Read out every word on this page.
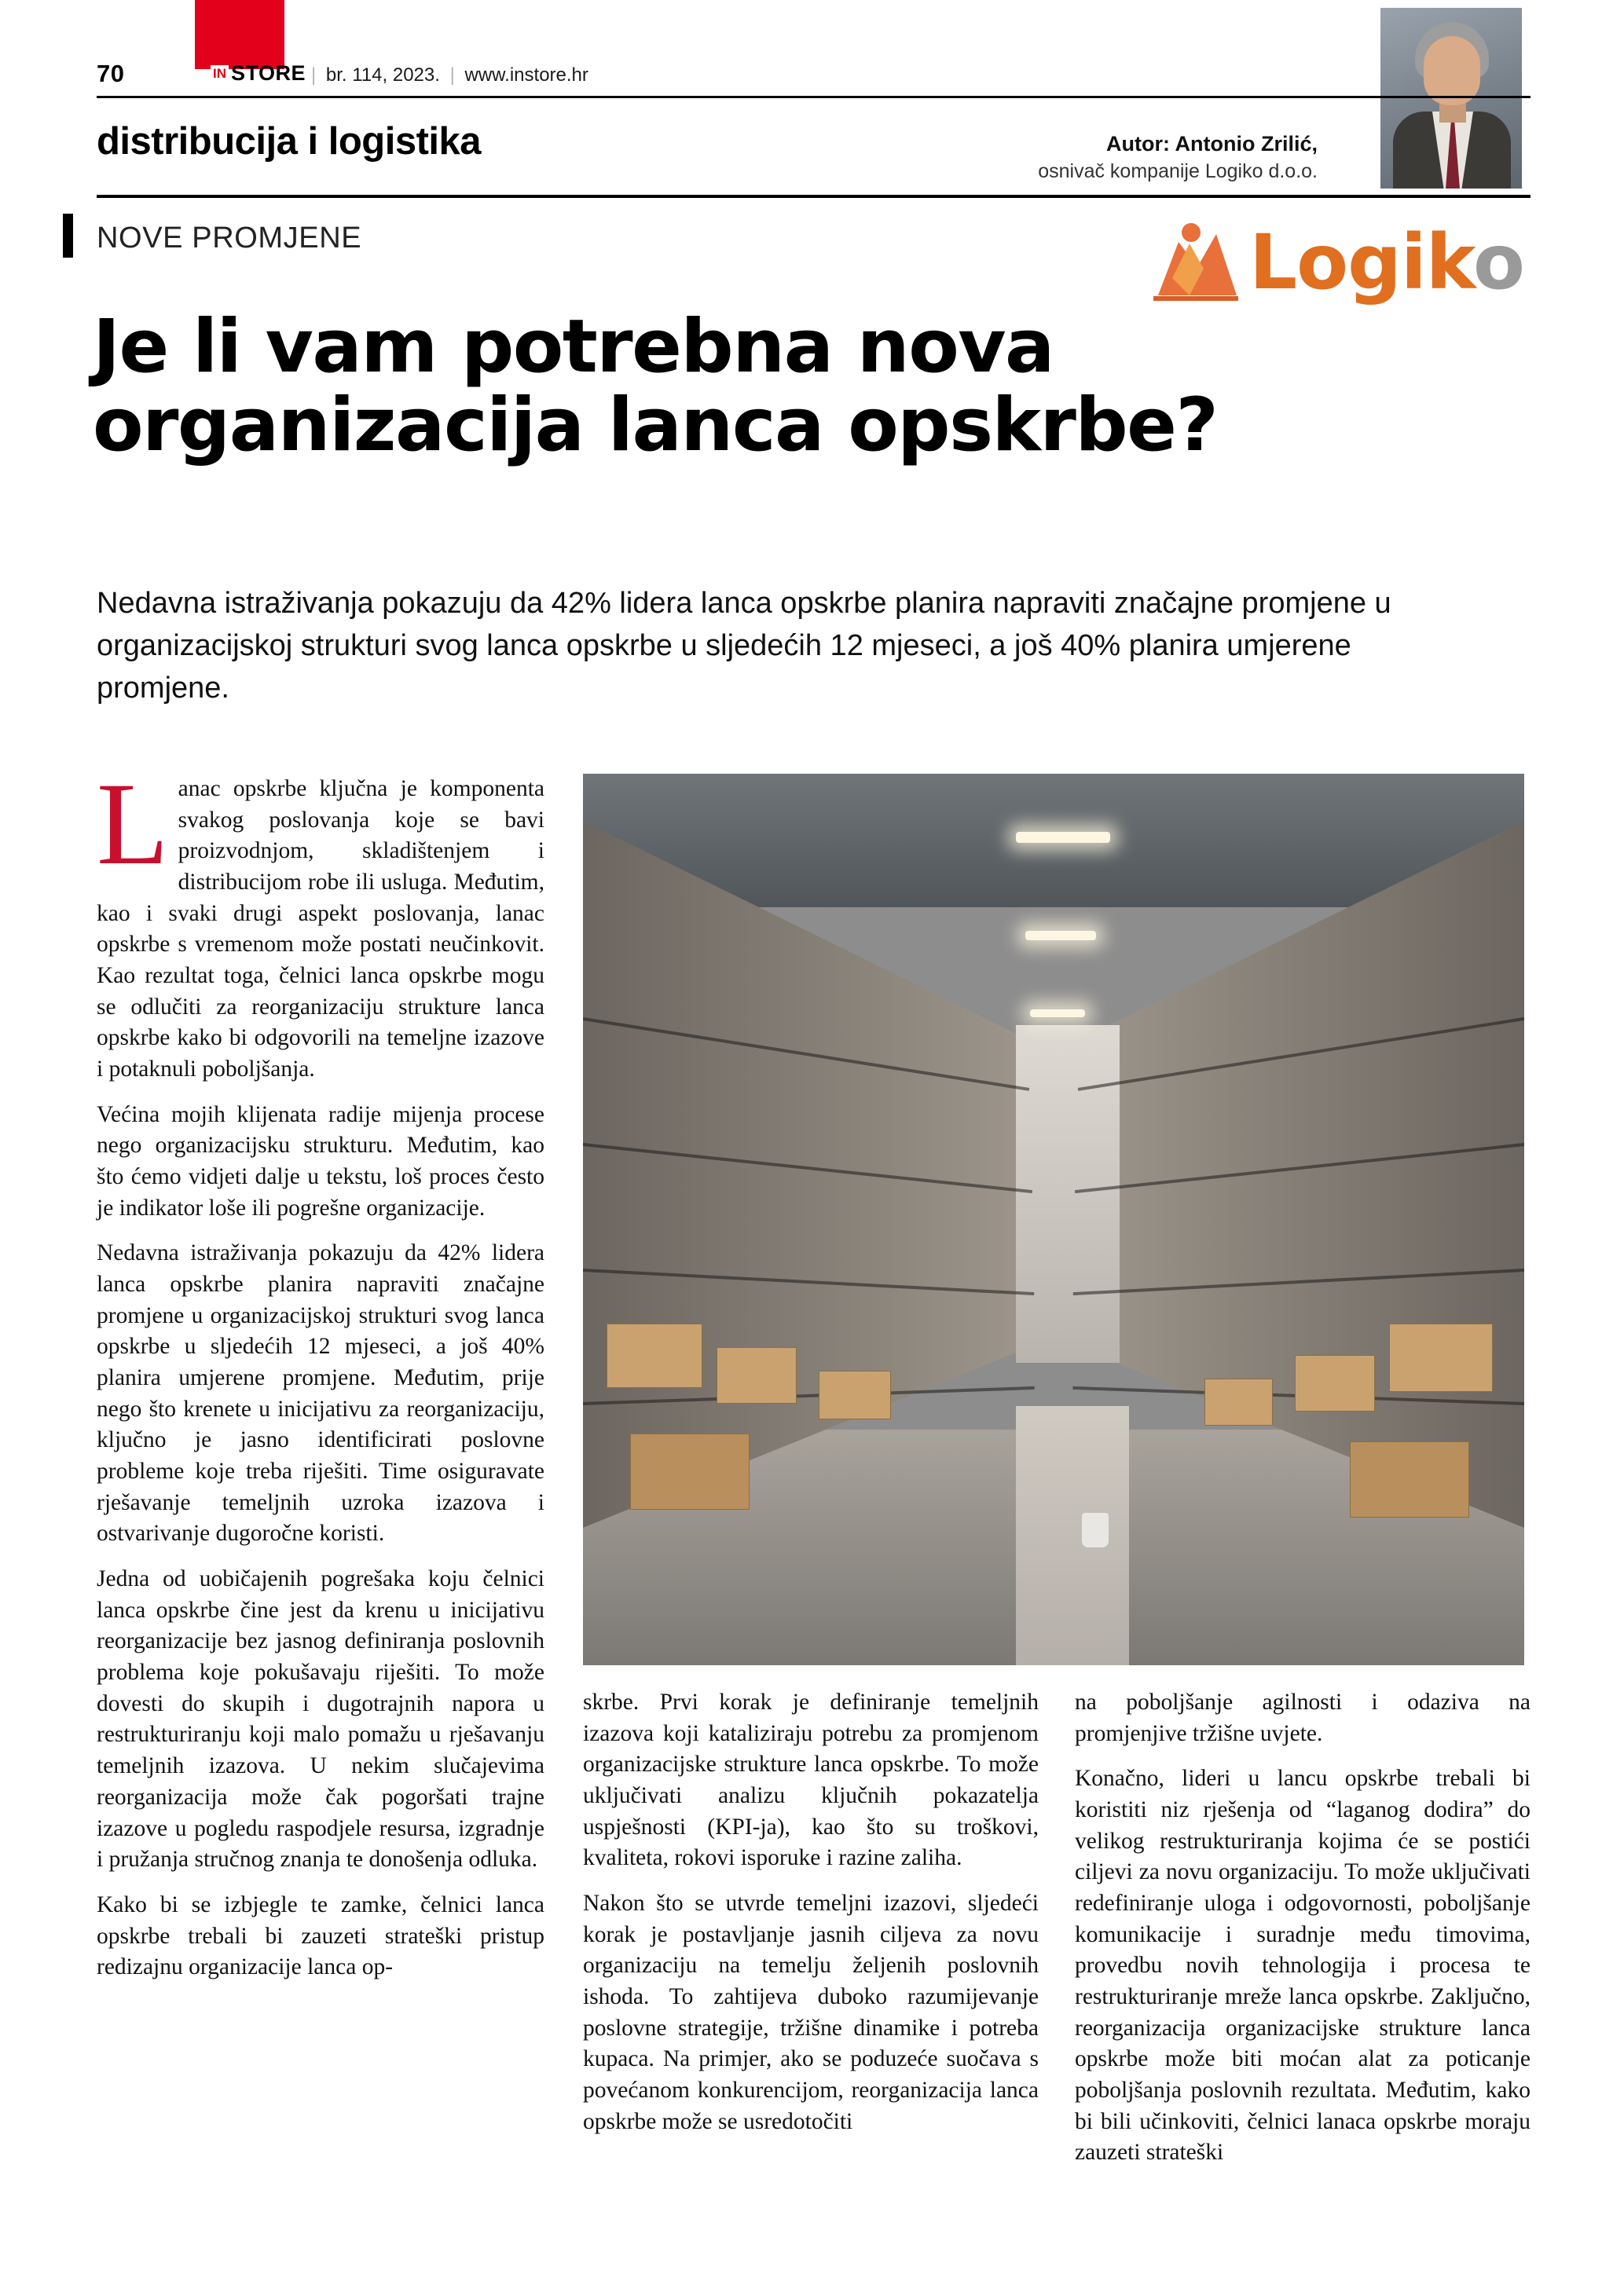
70	IN STORE | br. 114, 2023. | www.instore.hr
distribucija i logistika	Autor: Antonio Zrilić,
osnivač kompanije Logiko d.o.o.
NOVE PROMJENE	Logiko
Je li vam potrebna nova
organizacija lanca opskrbe?
Nedavna istraživanja pokazuju da 42% lidera lanca opskrbe planira napraviti značajne promjene u organizacijskoj strukturi svog lanca opskrbe u sljedećih 12 mjeseci, a još 40% planira umjerene promjene.

Lanac opskrbe ključna je komponenta svakog poslovanja koje se bavi proizvodnjom, skladištenjem i distribucijom robe ili usluga. Međutim, kao i svaki drugi aspekt poslovanja, lanac opskrbe s vremenom može postati neučinkovit. Kao rezultat toga, čelnici lanca opskrbe mogu se odlučiti za reorganizaciju strukture lanca opskrbe kako bi odgovorili na temeljne izazove i potaknuli poboljšanja.

Većina mojih klijenata radije mijenja procese nego organizacijsku strukturu. Međutim, kao što ćemo vidjeti dalje u tekstu, loš proces često je indikator loše ili pogrešne organizacije.

Nedavna istraživanja pokazuju da 42% lidera lanca opskrbe planira napraviti značajne promjene u organizacijskoj strukturi svog lanca opskrbe u sljedećih 12 mjeseci, a još 40% planira umjerene promjene. Međutim, prije nego što krenete u inicijativu za reorganizaciju, ključno je jasno identificirati poslovne probleme koje treba riješiti. Time osiguravate rješavanje temeljnih uzroka izazova i ostvarivanje dugoročne koristi.

Jedna od uobičajenih pogrešaka koju čelnici lanca opskrbe čine jest da krenu u inicijativu reorganizacije bez jasnog definiranja poslovnih problema koje pokušavaju riješiti. To može dovesti do skupih i dugotrajnih napora u restrukturiranju koji malo pomažu u rješavanju temeljnih izazova. U nekim slučajevima reorganizacija može čak pogoršati trajne izazove u pogledu raspodjele resursa, izgradnje i pružanja stručnog znanja te donošenja odluka.

Kako bi se izbjegle te zamke, čelnici lanca opskrbe trebali bi zauzeti strateški pristup redizajnu organizacije lanca op-

skrbe. Prvi korak je definiranje temeljnih izazova koji kataliziraju potrebu za promjenom organizacijske strukture lanca opskrbe. To može uključivati analizu ključnih pokazatelja uspješnosti (KPI-ja), kao što su troškovi, kvaliteta, rokovi isporuke i razine zaliha.

Nakon što se utvrde temeljni izazovi, sljedeći korak je postavljanje jasnih ciljeva za novu organizaciju na temelju željenih poslovnih ishoda. To zahtijeva duboko razumijevanje poslovne strategije, tržišne dinamike i potreba kupaca. Na primjer, ako se poduzeće suočava s povećanom konkurencijom, reorganizacija lanca opskrbe može se usredotočiti

na poboljšanje agilnosti i odaziva na promjenjive tržišne uvjete.

Konačno, lideri u lancu opskrbe trebali bi koristiti niz rješenja od “laganog dodira” do velikog restrukturiranja kojima će se postići ciljevi za novu organizaciju. To može uključivati redefiniranje uloga i odgovornosti, poboljšanje komunikacije i suradnje među timovima, provedbu novih tehnologija i procesa te restrukturiranje mreže lanca opskrbe. Zaključno, reorganizacija organizacijske strukture lanca opskrbe može biti moćan alat za poticanje poboljšanja poslovnih rezultata. Međutim, kako bi bili učinkoviti, čelnici lanaca opskrbe moraju zauzeti strateški
